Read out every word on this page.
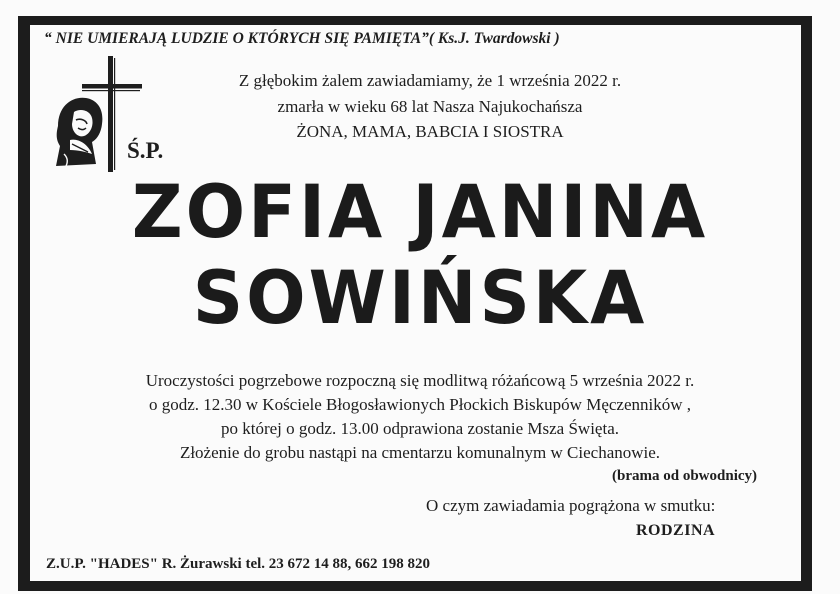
“ NIE UMIERAJĄ LUDZIE O KTÓRYCH SIĘ PAMIĘTA”( Ks.J. Twardowski )
Z głębokim żalem zawiadamiamy, że 1 września 2022 r.
zmarła w wieku 68 lat Nasza Najukochańsza
ŻONA, MAMA, BABCIA I SIOSTRA
Ś.P.
ZOFIA JANINA
SOWIŃSKA
Uroczystości pogrzebowe rozpoczną się modlitwą różańcową 5 września 2022 r.
o godz. 12.30 w Kościele Błogosławionych Płockich Biskupów Męczenników ,
po której o godz. 13.00 odprawiona zostanie Msza Święta.
Złożenie do grobu nastąpi na cmentarzu komunalnym w Ciechanowie.
(brama od obwodnicy)
O czym zawiadamia pogrążona w smutku:
RODZINA
Z.U.P. "HADES" R. Żurawski tel. 23 672 14 88, 662 198 820
